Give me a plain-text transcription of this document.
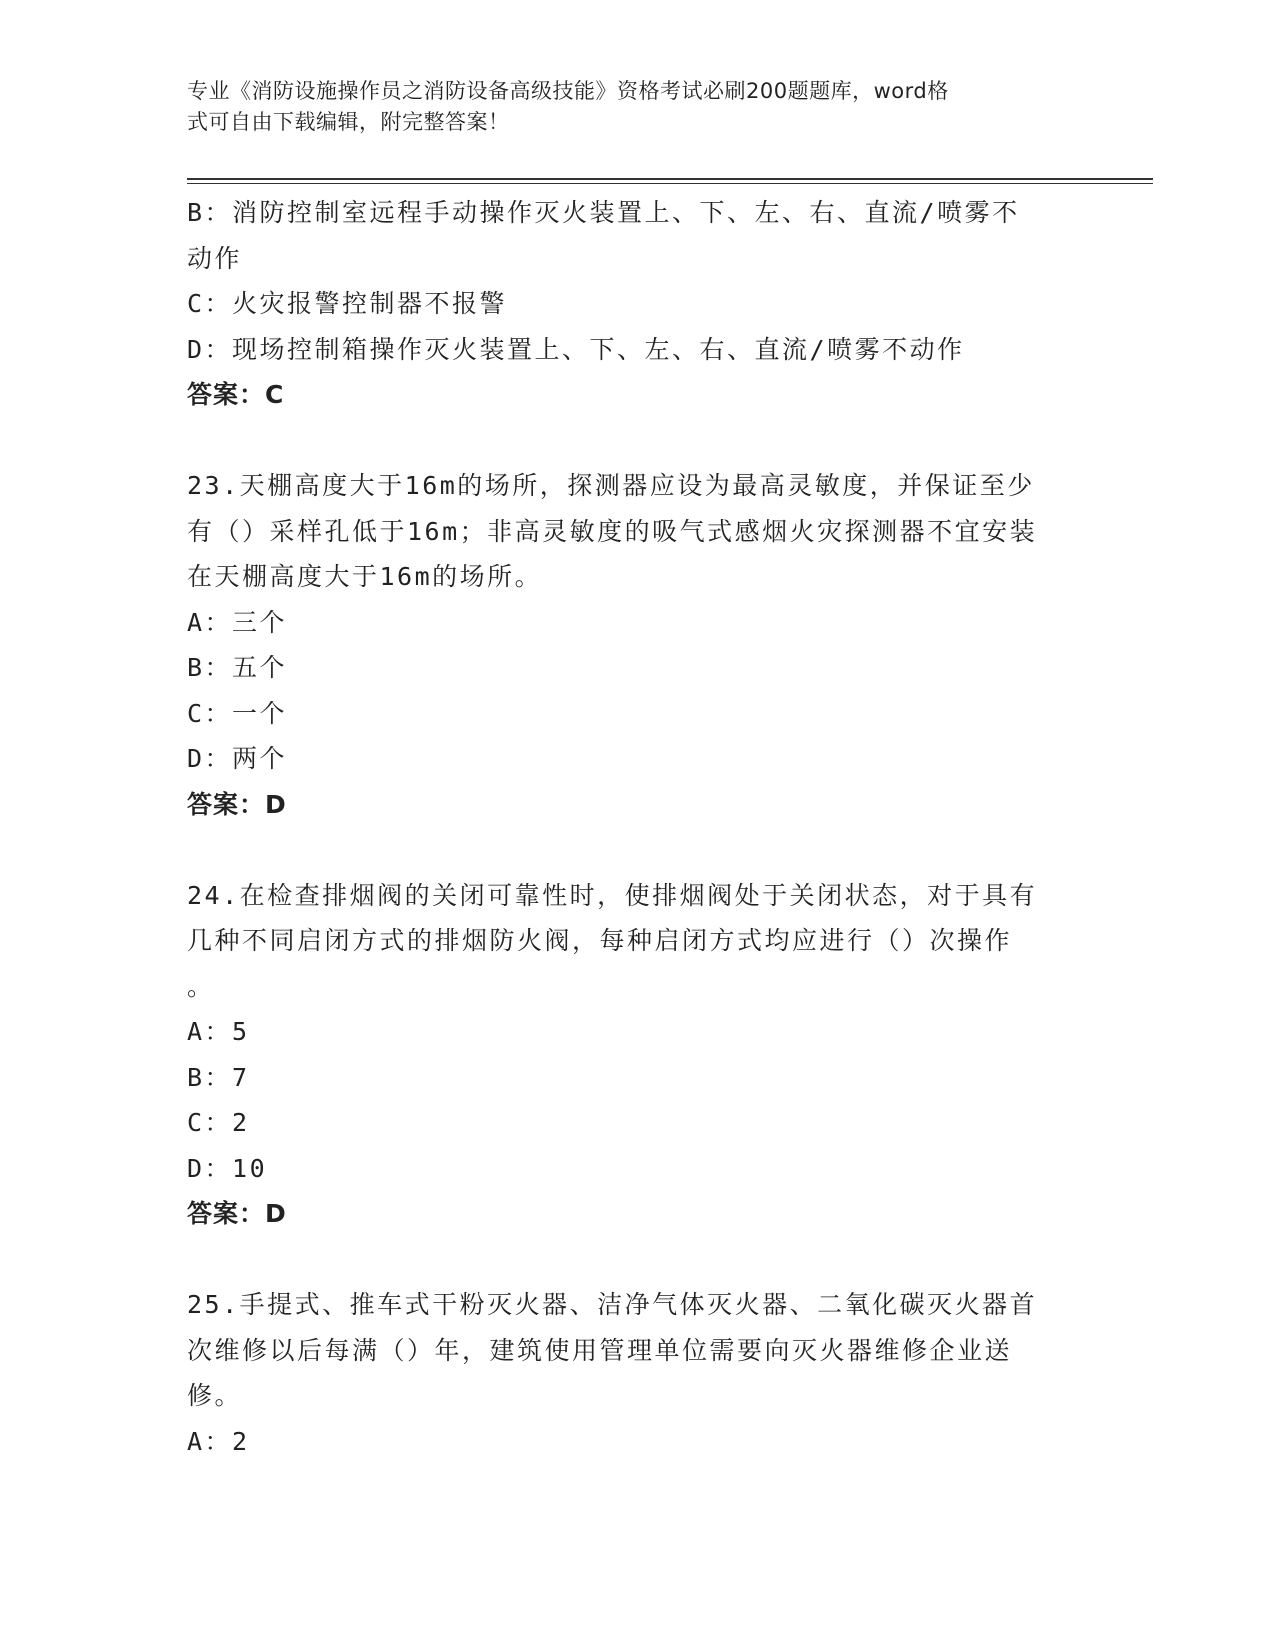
专业《消防设施操作员之消防设备高级技能》资格考试必刷200题题库，word格
式可自由下载编辑，附完整答案！
B：消防控制室远程手动操作灭火装置上、下、左、右、直流/喷雾不
动作
C：火灾报警控制器不报警
D：现场控制箱操作灭火装置上、下、左、右、直流/喷雾不动作
答案：C
23.天棚高度大于16m的场所，探测器应设为最高灵敏度，并保证至少
有（）采样孔低于16m；非高灵敏度的吸气式感烟火灾探测器不宜安装
在天棚高度大于16m的场所。
A：三个
B：五个
C：一个
D：两个
答案：D
24.在检查排烟阀的关闭可靠性时，使排烟阀处于关闭状态，对于具有
几种不同启闭方式的排烟防火阀，每种启闭方式均应进行（）次操作
。
A：5
B：7
C：2
D：10
答案：D
25.手提式、推车式干粉灭火器、洁净气体灭火器、二氧化碳灭火器首
次维修以后每满（）年，建筑使用管理单位需要向灭火器维修企业送
修。
A：2
